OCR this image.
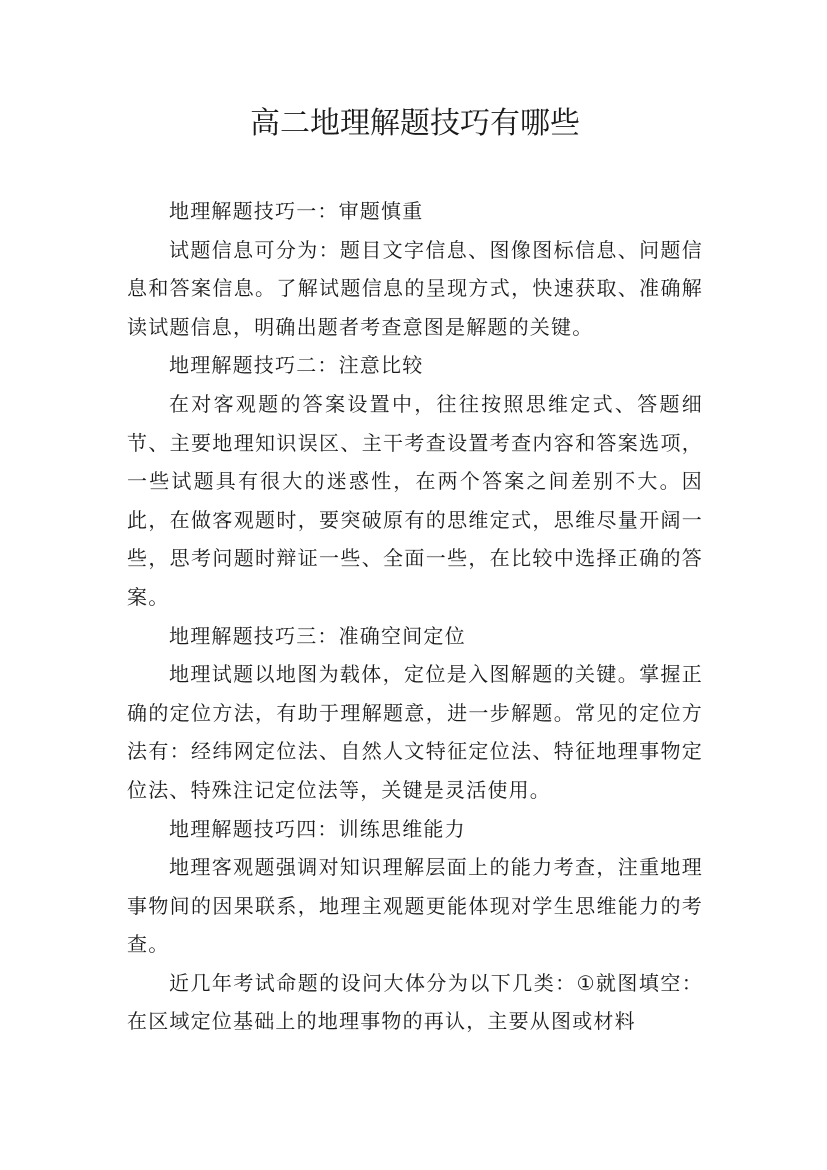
高二地理解题技巧有哪些

地理解题技巧一：审题慎重

试题信息可分为：题目文字信息、图像图标信息、问题信息和答案信息。了解试题信息的呈现方式，快速获取、准确解读试题信息，明确出题者考查意图是解题的关键。

地理解题技巧二：注意比较

在对客观题的答案设置中，往往按照思维定式、答题细节、主要地理知识误区、主干考查设置考查内容和答案选项，一些试题具有很大的迷惑性，在两个答案之间差别不大。因此，在做客观题时，要突破原有的思维定式，思维尽量开阔一些，思考问题时辩证一些、全面一些，在比较中选择正确的答案。

地理解题技巧三：准确空间定位

地理试题以地图为载体，定位是入图解题的关键。掌握正确的定位方法，有助于理解题意，进一步解题。常见的定位方法有：经纬网定位法、自然人文特征定位法、特征地理事物定位法、特殊注记定位法等，关键是灵活使用。

地理解题技巧四：训练思维能力

地理客观题强调对知识理解层面上的能力考查，注重地理事物间的因果联系，地理主观题更能体现对学生思维能力的考查。

近几年考试命题的设问大体分为以下几类：①就图填空：在区域定位基础上的地理事物的再认，主要从图或材料
